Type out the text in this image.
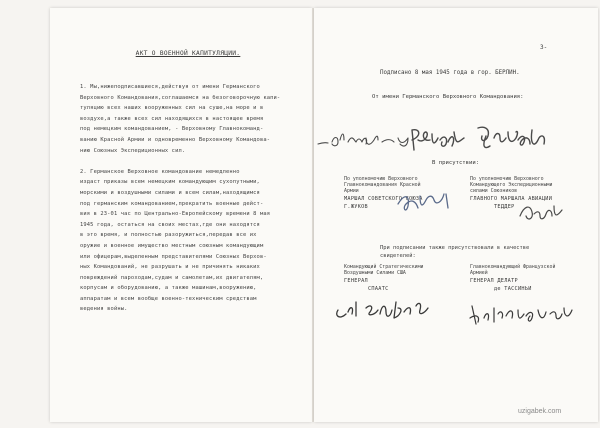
АКТ О ВОЕННОЙ КАПИТУЛЯЦИИ.
1. Мы,нижеподписавшиеся,действуя от имени Германского
Верховного Командования,соглашаемся на безоговорочную капи-
туляцию всех наших вооруженных сил на суше,на море и в
воздухе,а также всех сил находящихся в настоящее время
под немецким командованием, - Верховному Главнокоманд-
ванию Красной Армии и одновременно Верховному Командова-
нию Союзных Экспедиционных сил.

2. Германское Верховное командование немедленно
издаст приказы всем немецким командующим сухопутными,
морскими и воздушными силами и всем силам,находящимся
под германским командованием,прекратить военные дейст-
вия в 23-01 час по Центрально-Европейскому времени 8 мая
1945 года, остаться на своих местах,где они находятся
в это время, и полностью разоружиться,передав все их
оружие и военное имущество местным союзным командующим
или офицерам,выделенным представителями Союзных Верхов-
ных Командований, не разрушать и не причинять никаких
повреждений пароходам,судам и самолетам,их двигателям,
корпусам и оборудованию, а также машинам,вооружению,
аппаратам и всем вообще военно-техническим средствам
ведения войны.
3-
Подписано 8 мая 1945 года в гор. БЕРЛИН.
От имени Германского Верховного Командования:
В присутствии:
По уполномочию Верховного
Главнокомандования Красной
Армии
МАРШАЛ СОВЕТСКОГО СОЮЗА
Г.ЖУКОВ
По уполномочию Верховного
Командующего Экспедиционными
силами Союзников
ГЛАВНОГО МАРШАЛА АВИАЦИИ
ТЕДДЕР
При подписании также присутствовали в качестве
свидетелей:
Командующий Стратегическими
Воздушными Силами США
ГЕНЕРАЛ
СПААТС
Главнокомандующий Французской
Армией
ГЕНЕРАЛ ДЕЛАТР
де ТАССИНЬИ
uzigabek.com
